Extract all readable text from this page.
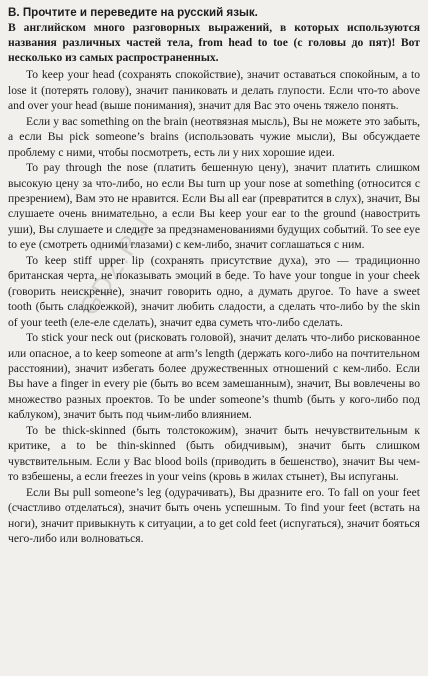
В. Прочтите и переведите на русский язык.

В английском много разговорных выражений, в которых используются названия различных частей тела, from head to toe (с головы до пят)! Вот несколько из самых распространенных.

To keep your head (сохранять спокойствие), значит оставаться спокойным, а to lose it (потерять голову), значит паниковать и делать глупости. Если что-то above and over your head (выше понимания), значит для Вас это очень тяжело понять.

Если у вас something on the brain (неотвязная мысль), Вы не можете это забыть, а если Вы pick someone’s brains (использовать чужие мысли), Вы обсуждаете проблему с ними, чтобы посмотреть, есть ли у них хорошие идеи.

To pay through the nose (платить бешенную цену), значит платить слишком высокую цену за что-либо, но если Вы turn up your nose at something (относится с презрением), Вам это не нравится. Если Вы all ear (превратится в слух), значит, Вы слушаете очень внимательно, а если Вы keep your ear to the ground (навострить уши), Вы слушаете и следите за предзнаменованиями будущих событий. To see eye to eye (смотреть одними глазами) с кем-либо, значит соглашаться с ним.

To keep stiff upper lip (сохранять присутствие духа), это — традиционно британская черта, не показывать эмоций в беде. To have your tongue in your cheek (говорить неискренне), значит говорить одно, а думать другое. To have a sweet tooth (быть сладкоежкой), значит любить сладости, а сделать что-либо by the skin of your teeth (еле-еле сделать), значит едва суметь что-либо сделать.

To stick your neck out (рисковать головой), значит делать что-либо рискованное или опасное, а to keep someone at arm’s length (держать кого-либо на почтительном расстоянии), значит избегать более дружественных отношений с кем-либо. Если Вы have a finger in every pie (быть во всем замешанным), значит, Вы вовлечены во множество разных проектов. To be under someone’s thumb (быть у кого-либо под каблуком), значит быть под чьим-либо влиянием.

To be thick-skinned (быть толстокожим), значит быть нечувствительным к критике, а to be thin-skinned (быть обидчивым), значит быть слишком чувствительным. Если у Вас blood boils (приводить в бешенство), значит Вы чем-то взбешены, а если freezes in your veins (кровь в жилах стынет), Вы испуганы.

Если Вы pull someone’s leg (одурачивать), Вы дразните его. To fall on your feet (счастливо отделаться), значит быть очень успешным. To find your feet (встать на ноги), значит привыкнуть к ситуации, а to get cold feet (испугаться), значит бояться чего-либо или волноваться.

GDZ.RU
